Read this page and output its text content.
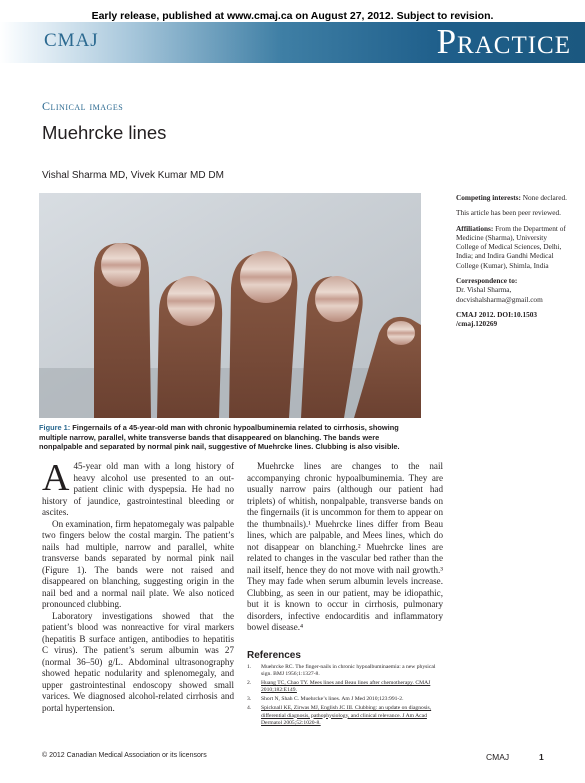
Early release, published at www.cmaj.ca on August 27, 2012. Subject to revision.
CMAJ	Practice
Clinical images
Muehrcke lines
Vishal Sharma MD, Vivek Kumar MD DM
Figure 1: Fingernails of a 45-year-old man with chronic hypoalbuminemia related to cirrhosis, showing multiple narrow, parallel, white transverse bands that disappeared on blanching. The bands were nonpalpable and separated by normal pink nail, suggestive of Muehrcke lines. Clubbing is also visible.
Competing interests: None declared.
This article has been peer reviewed.
Affiliations: From the Department of Medicine (Sharma), University College of Medical Sciences, Delhi, India; and Indira Gandhi Medical College (Kumar), Shimla, India
Correspondence to:
Dr. Vishal Sharma,
docvishalsharma@gmail.com
CMAJ 2012. DOI:10.1503 /cmaj.120269

A 45-year old man with a long history of heavy alcohol use presented to an out-patient clinic with dyspepsia. He had no history of jaundice, gastrointestinal bleeding or ascites.

On examination, firm hepatomegaly was palpable two fingers below the costal margin. The patient’s nails had multiple, narrow and parallel, white transverse bands separated by normal pink nail (Figure 1). The bands were not raised and disappeared on blanching, suggesting origin in the nail bed and a normal nail plate. We also noticed pronounced clubbing.

Laboratory investigations showed that the patient’s blood was nonreactive for viral markers (hepatitis B surface antigen, antibodies to hepatitis C virus). The patient’s serum albumin was 27 (normal 36–50) g/L. Abdominal ultrasonography showed hepatic nodularity and splenomegaly, and upper gastrointestinal endoscopy showed small varices. We diagnosed alcohol-related cirrhosis and portal hypertension.

Muehrcke lines are changes to the nail accompanying chronic hypoalbuminemia. They are usually narrow pairs (although our patient had triplets) of whitish, nonpalpable, transverse bands on the fingernails (it is uncommon for them to appear on the thumbnails).¹ Muehrcke lines differ from Beau lines, which are palpable, and Mees lines, which do not disappear on blanching.² Muehrcke lines are related to changes in the vascular bed rather than the nail itself, hence they do not move with nail growth.³ They may fade when serum albumin levels increase. Clubbing, as seen in our patient, may be idiopathic, but it is known to occur in cirrhosis, pulmonary disorders, infective endocarditis and inflammatory bowel disease.⁴

References
1.	Muehrcke RC. The finger-nails in chronic hypoalbuminaemia: a new physical sign. BMJ 1956;1:1327-8.
2.	Huang TC, Chao TY. Mees lines and Beau lines after chemotherapy. CMAJ 2010;182:E149.
3.	Short N, Shah C. Muehrcke’s lines. Am J Med 2010;123:991-2.
4.	Spicknall KE, Zirwas MJ, English JC III. Clubbing: an update on diagnosis, differential diagnosis, pathophysiology, and clinical relevance. J Am Acad Dermatol 2005;52:1020-8.
© 2012 Canadian Medical Association or its licensors	CMAJ	1
